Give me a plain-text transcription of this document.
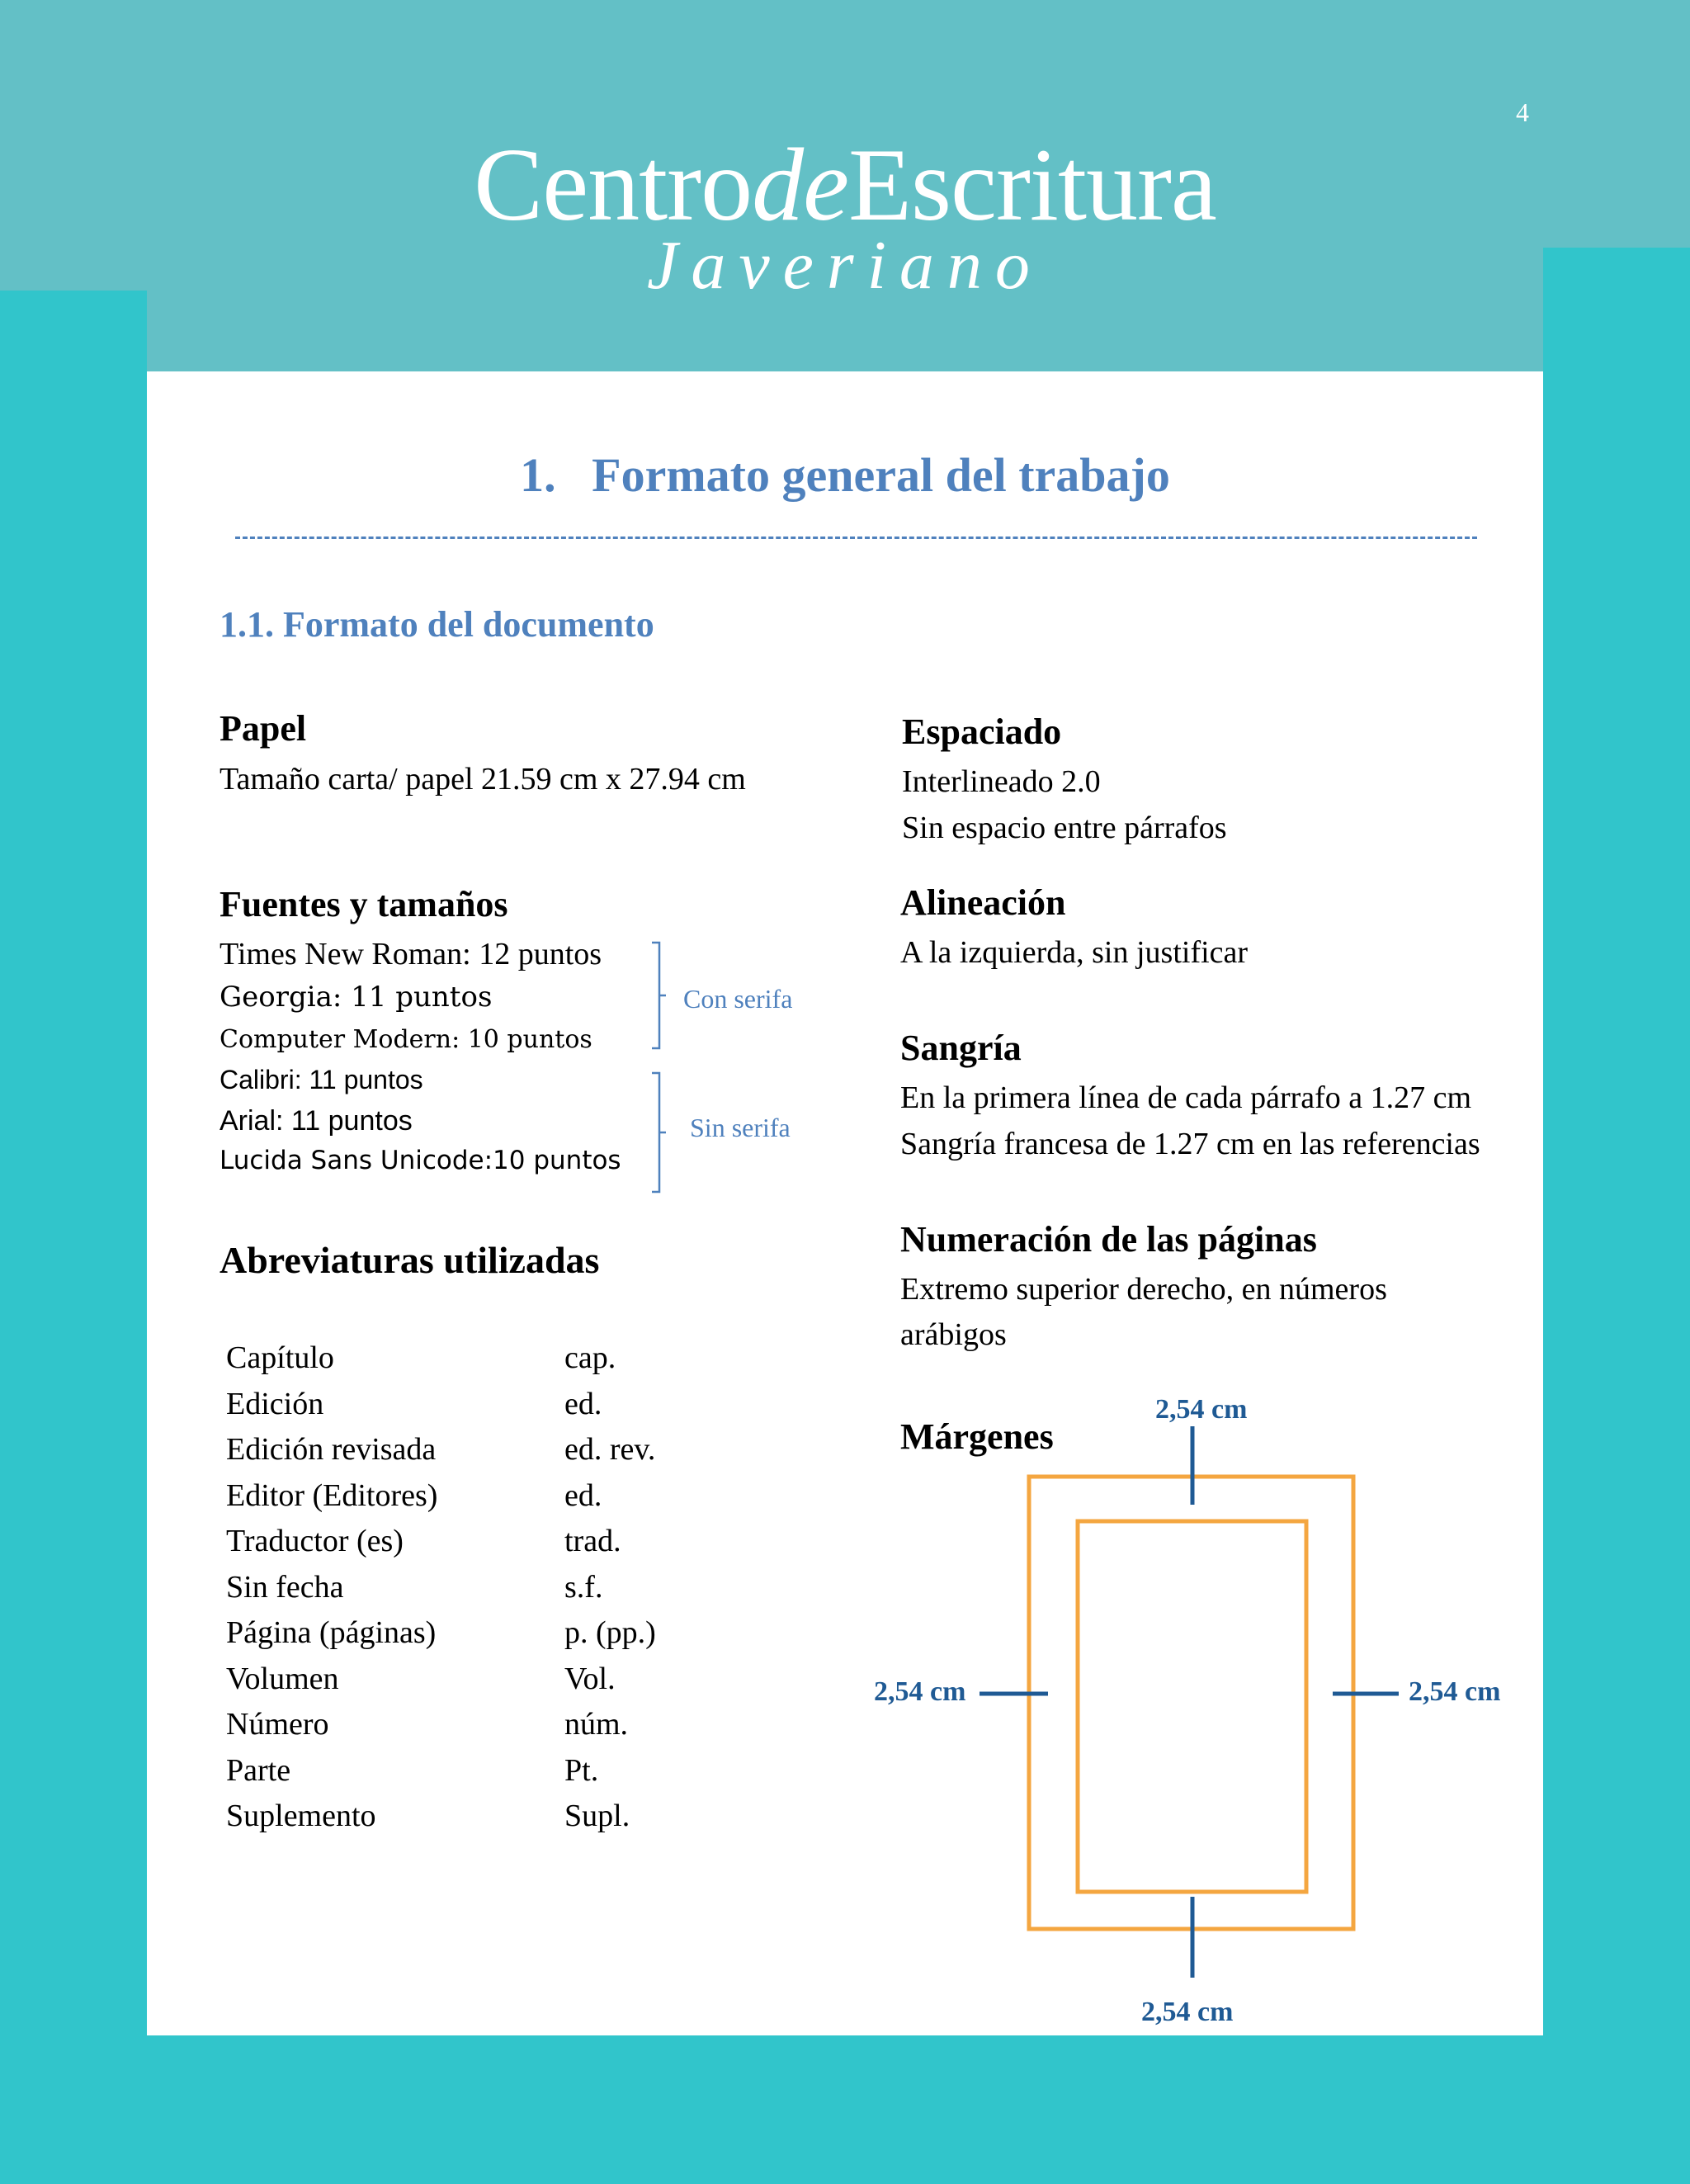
4
CentrodeEscritura
Javeriano
1.   Formato general del trabajo
1.1. Formato del documento
Papel
Tamaño carta/ papel 21.59 cm x 27.94 cm
Fuentes y tamaños
Times New Roman: 12 puntos
Georgia: 11 puntos
Computer Modern: 10 puntos
Calibri: 11 puntos
Arial: 11 puntos
Lucida Sans Unicode:10 puntos
Con serifa
Sin serifa
Abreviaturas utilizadas
Capítulo	cap.
Edición	ed.
Edición revisada	ed. rev.
Editor (Editores)	ed.
Traductor (es)	trad.
Sin fecha	s.f.
Página (páginas)	p. (pp.)
Volumen	Vol.
Número	núm.
Parte	Pt.
Suplemento	Supl.
Espaciado
Interlineado 2.0
Sin espacio entre párrafos
Alineación
A la izquierda, sin justificar
Sangría
En la primera línea de cada párrafo a 1.27 cm
Sangría francesa de 1.27 cm en las referencias
Numeración de las páginas
Extremo superior derecho, en números
arábigos
Márgenes
2,54 cm
2,54 cm	2,54 cm
2,54 cm
